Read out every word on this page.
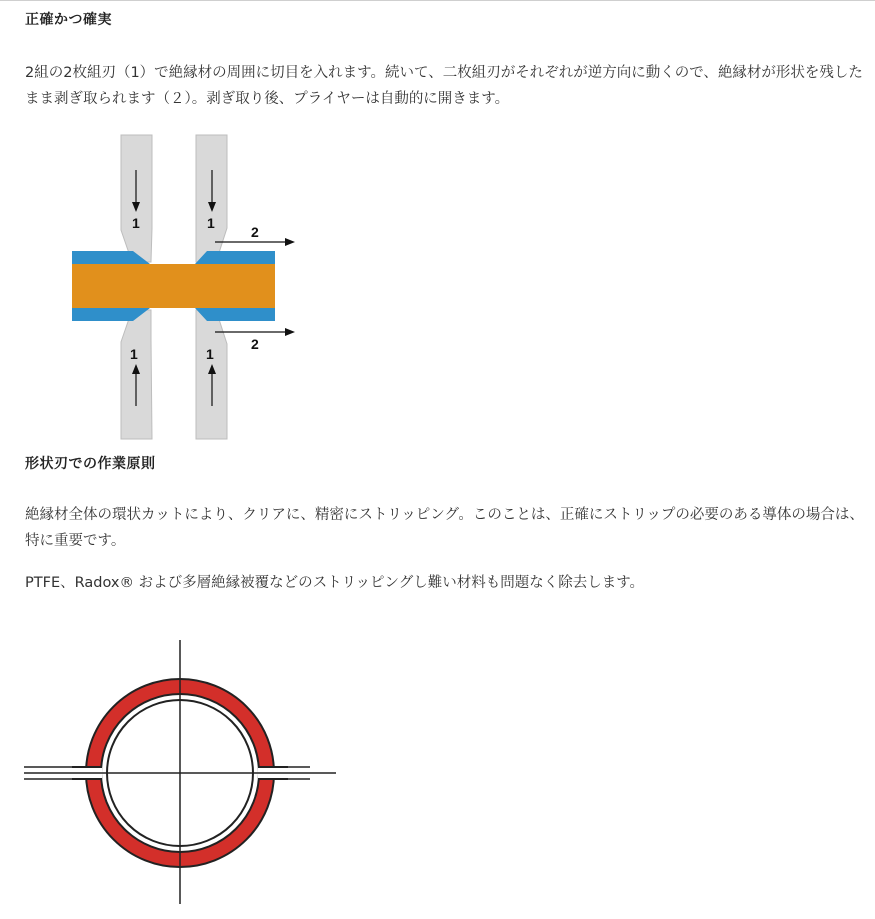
正確かつ確実
2組の2枚組刃（1）で絶縁材の周囲に切目を入れます。続いて、二枚組刃がそれぞれが逆方向に動くので、絶縁材が形状を残したまま剥ぎ取られます（２）。剥ぎ取り後、プライヤーは自動的に開きます。
1	1
2
2
1	1
形状刃での作業原則
絶縁材全体の環状カットにより、クリアに、精密にストリッピング。このことは、正確にストリップの必要のある導体の場合は、特に重要です。
PTFE、Radox® および多層絶縁被覆などのストリッピングし難い材料も問題なく除去します。
